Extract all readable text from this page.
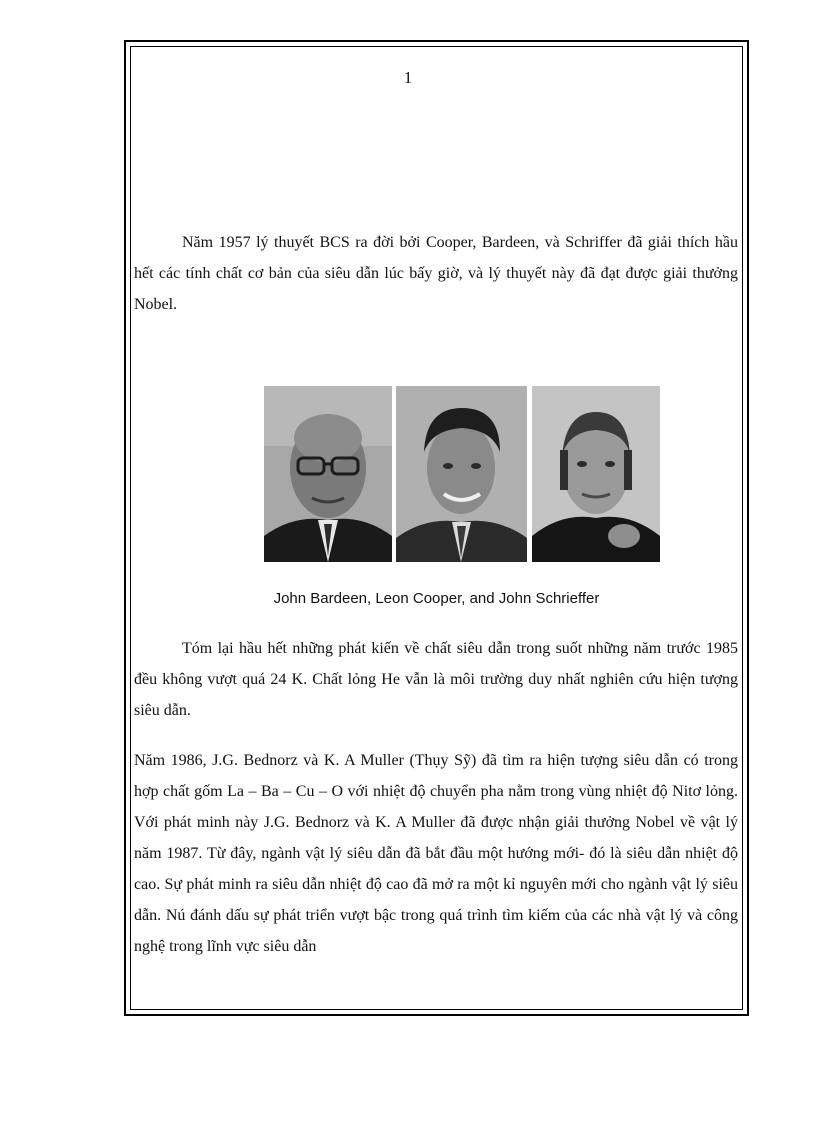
1

Năm 1957 lý thuyết BCS ra đời bởi Cooper, Bardeen, và Schriffer đã giải thích hầu hết các tính chất cơ bản của siêu dẫn lúc bấy giờ, và lý thuyết này đã đạt được giải thưởng Nobel.

John Bardeen, Leon Cooper, and John Schrieffer

Tóm lại hầu hết những phát kiến về chất siêu dẫn trong suốt những năm trước 1985 đều không vượt quá 24 K. Chất lỏng He vẫn là môi trường duy nhất nghiên cứu hiện tượng siêu dẫn.

Năm 1986, J.G. Bednorz và K. A Muller (Thụy Sỹ) đã tìm ra hiện tượng siêu dẫn có trong hợp chất gốm La – Ba – Cu – O với nhiệt độ chuyển pha nằm trong vùng nhiệt độ Nitơ lỏng. Với phát minh này J.G. Bednorz và K. A Muller đã được nhận giải thưởng Nobel về vật lý năm 1987. Từ đây, ngành vật lý siêu dẫn đã bắt đầu một hướng mới- đó là siêu dẫn nhiệt độ cao. Sự phát minh ra siêu dẫn nhiệt độ cao đã mở ra một kỉ nguyên mới cho ngành vật lý siêu dẫn. Nú đánh dấu sự phát triển vượt bậc trong quá trình tìm kiếm của các nhà vật lý và công nghệ trong lĩnh vực siêu dẫn
